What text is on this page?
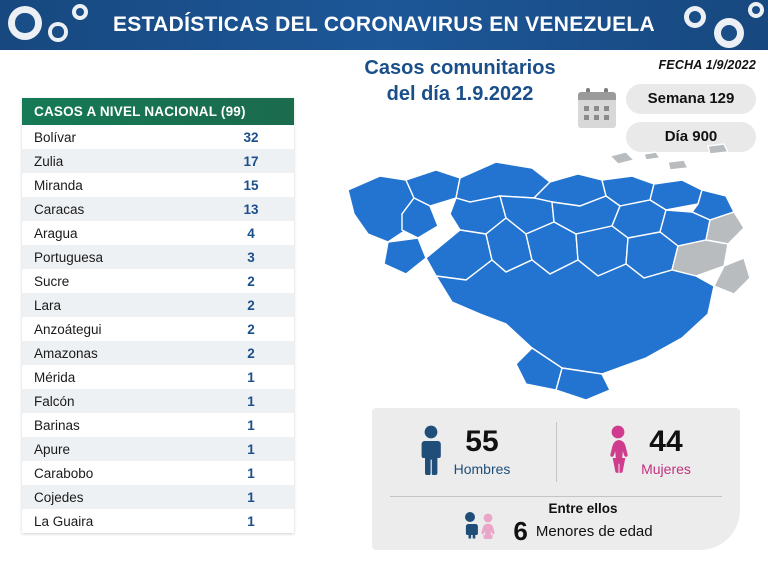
ESTADÍSTICAS DEL CORONAVIRUS EN VENEZUELA
FECHA 1/9/2022
Semana 129
Día 900
Casos comunitarios
del día 1.9.2022
CASOS A NIVEL NACIONAL (99)
Bolívar	32
Zulia	17
Miranda	15
Caracas	13
Aragua	4
Portuguesa	3
Sucre	2
Lara	2
Anzoátegui	2
Amazonas	2
Mérida	1
Falcón	1
Barinas	1
Apure	1
Carabobo	1
Cojedes	1
La Guaira	1
55
Hombres
44
Mujeres
Entre ellos
6 Menores de edad
